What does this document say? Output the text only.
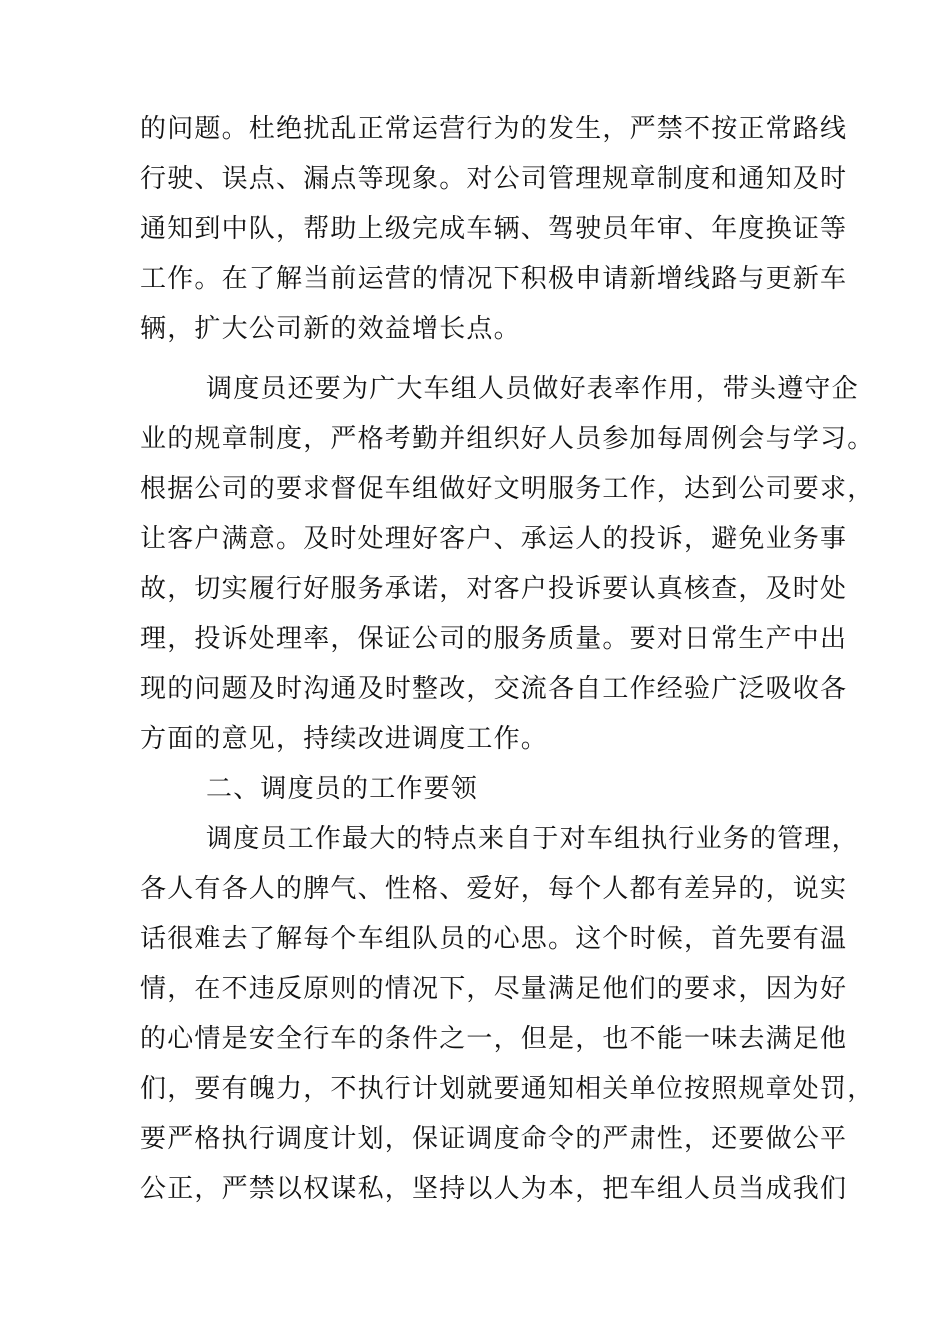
的问题。杜绝扰乱正常运营行为的发生，严禁不按正常路线
行驶、误点、漏点等现象。对公司管理规章制度和通知及时
通知到中队，帮助上级完成车辆、驾驶员年审、年度换证等
工作。在了解当前运营的情况下积极申请新增线路与更新车
辆，扩大公司新的效益增长点。
调度员还要为广大车组人员做好表率作用，带头遵守企
业的规章制度，严格考勤并组织好人员参加每周例会与学习。
根据公司的要求督促车组做好文明服务工作，达到公司要求，
让客户满意。及时处理好客户、承运人的投诉，避免业务事
故，切实履行好服务承诺，对客户投诉要认真核查，及时处
理，投诉处理率，保证公司的服务质量。要对日常生产中出
现的问题及时沟通及时整改，交流各自工作经验广泛吸收各
方面的意见，持续改进调度工作。
二、调度员的工作要领
调度员工作最大的特点来自于对车组执行业务的管理，
各人有各人的脾气、性格、爱好，每个人都有差异的，说实
话很难去了解每个车组队员的心思。这个时候，首先要有温
情，在不违反原则的情况下，尽量满足他们的要求，因为好
的心情是安全行车的条件之一，但是，也不能一味去满足他
们，要有魄力，不执行计划就要通知相关单位按照规章处罚，
要严格执行调度计划，保证调度命令的严肃性，还要做公平
公正，严禁以权谋私，坚持以人为本，把车组人员当成我们
